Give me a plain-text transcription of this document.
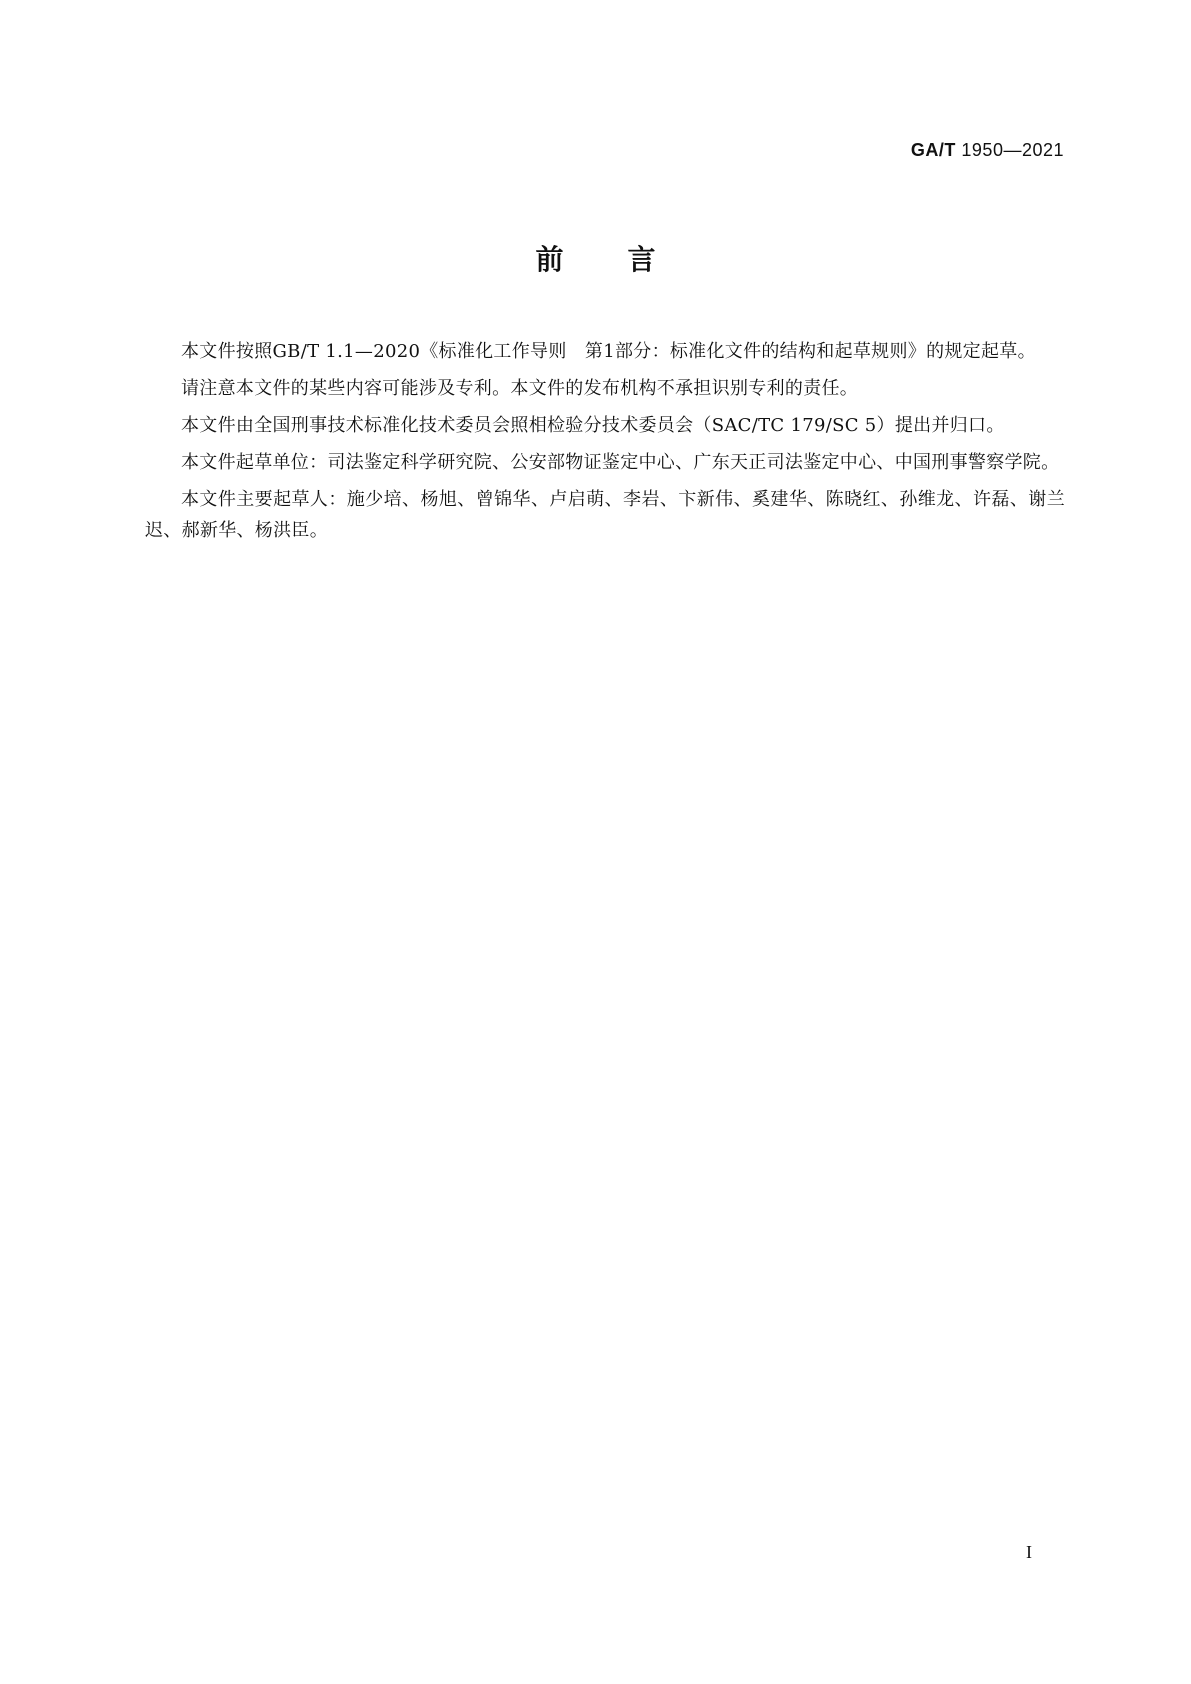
GA/T 1950—2021
前言

本文件按照GB/T 1.1—2020《标准化工作导则　第1部分：标准化文件的结构和起草规则》的规定起草。

请注意本文件的某些内容可能涉及专利。本文件的发布机构不承担识别专利的责任。

本文件由全国刑事技术标准化技术委员会照相检验分技术委员会（SAC/TC 179/SC 5）提出并归口。

本文件起草单位：司法鉴定科学研究院、公安部物证鉴定中心、广东天正司法鉴定中心、中国刑事警察学院。

本文件主要起草人：施少培、杨旭、曾锦华、卢启萌、李岩、卞新伟、奚建华、陈晓红、孙维龙、许磊、谢兰迟、郝新华、杨洪臣。

I
